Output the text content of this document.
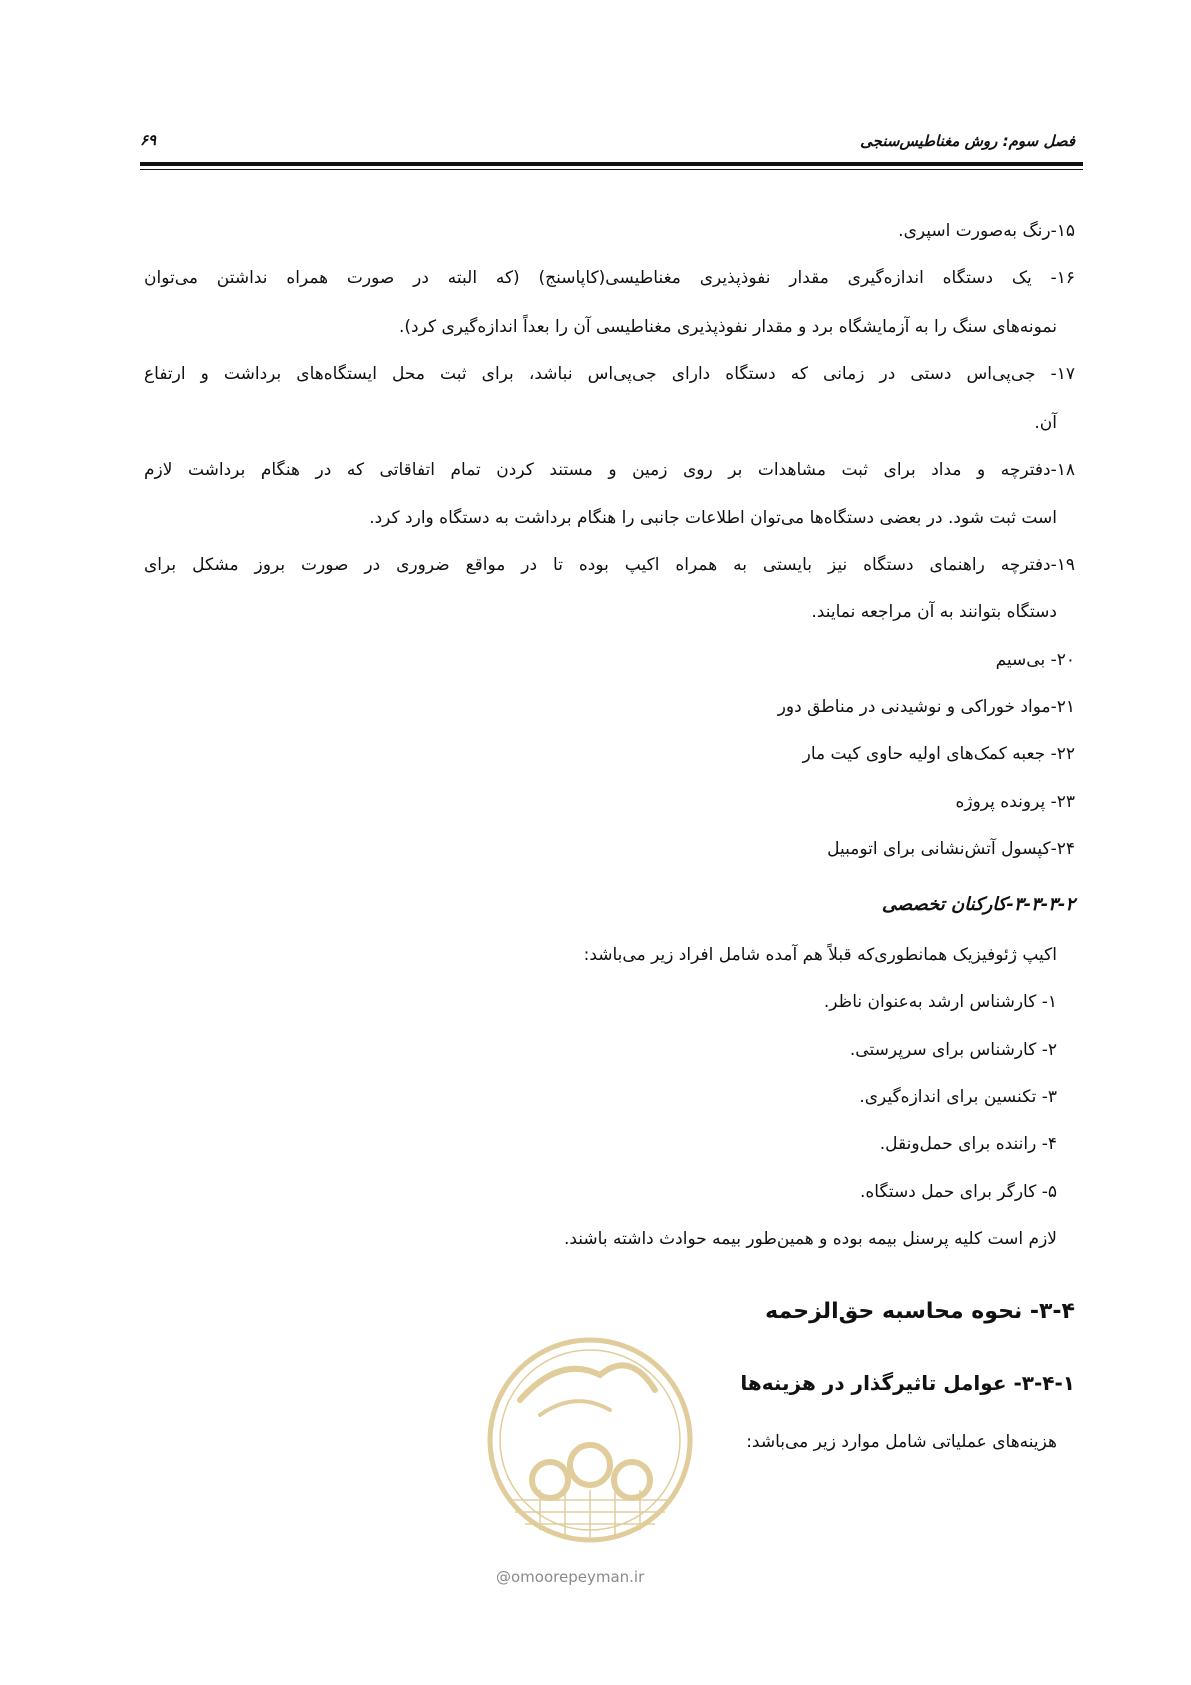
فصل سوم: روش مغناطیس‌سنجی
۶۹
۱۵-رنگ به‌صورت اسپری.
۱۶- یک دستگاه اندازه‌گیری مقدار نفوذپذیری مغناطیسی(کاپاسنج) (که البته در صورت همراه نداشتن می‌توان
نمونه‌های سنگ را به آزمایشگاه برد و مقدار نفوذپذیری مغناطیسی آن را بعداً اندازه‌گیری کرد).
۱۷- جی‌پی‌اس دستی در زمانی که دستگاه دارای جی‌پی‌اس نباشد، برای ثبت محل ایستگاه‌های برداشت و ارتفاع
آن.
۱۸-دفترچه و مداد برای ثبت مشاهدات بر روی زمین و مستند کردن تمام اتفاقاتی که در هنگام برداشت لازم
است ثبت شود. در بعضی دستگاه‌ها می‌توان اطلاعات جانبی را هنگام برداشت به دستگاه وارد کرد.
۱۹-دفترچه راهنمای دستگاه نیز بایستی به همراه اکیپ بوده تا در مواقع ضروری در صورت بروز مشکل برای
دستگاه بتوانند به آن مراجعه نمایند.
۲۰- بی‌سیم
۲۱-مواد خوراکی و نوشیدنی در مناطق دور
۲۲- جعبه کمک‌های اولیه حاوی کیت مار
۲۳- پرونده پروژه
۲۴-کپسول آتش‌نشانی برای اتومبیل
۳-۳-۳-۲-کارکنان تخصصی
اکیپ ژئوفیزیک همانطوری‌که قبلاً هم آمده شامل افراد زیر می‌باشد:
۱- کارشناس ارشد به‌عنوان ناظر.
۲- کارشناس برای سرپرستی.
۳- تکنسین برای اندازه‌گیری.
۴- راننده برای حمل‌ونقل.
۵- کارگر برای حمل دستگاه.
لازم است کلیه پرسنل بیمه بوده و همین‌طور بیمه حوادث داشته باشند.
۳-۴- نحوه محاسبه حق‌الزحمه
۳-۴-۱- عوامل تاثیرگذار در هزینه‌ها
هزینه‌های عملیاتی شامل موارد زیر می‌باشد:
@omoorepeyman.ir
